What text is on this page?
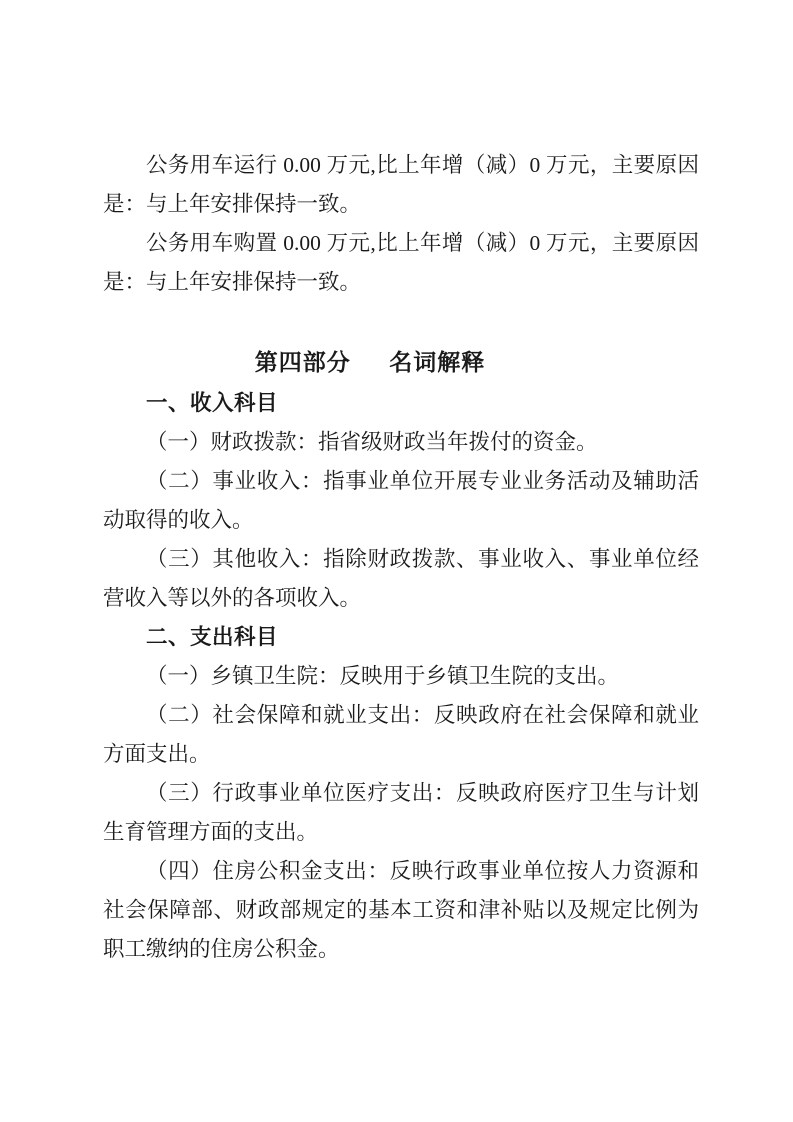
公务用车运行 0.00 万元,比上年增（减）0 万元，主要原因是：与上年安排保持一致。

公务用车购置 0.00 万元,比上年增（减）0 万元，主要原因是：与上年安排保持一致。

第四部分 名词解释
一、收入科目

（一）财政拨款：指省级财政当年拨付的资金。

（二）事业收入：指事业单位开展专业业务活动及辅助活动取得的收入。

（三）其他收入：指除财政拨款、事业收入、事业单位经营收入等以外的各项收入。

二、支出科目

（一）乡镇卫生院：反映用于乡镇卫生院的支出。

（二）社会保障和就业支出：反映政府在社会保障和就业方面支出。

（三）行政事业单位医疗支出：反映政府医疗卫生与计划生育管理方面的支出。

（四）住房公积金支出：反映行政事业单位按人力资源和社会保障部、财政部规定的基本工资和津补贴以及规定比例为职工缴纳的住房公积金。
